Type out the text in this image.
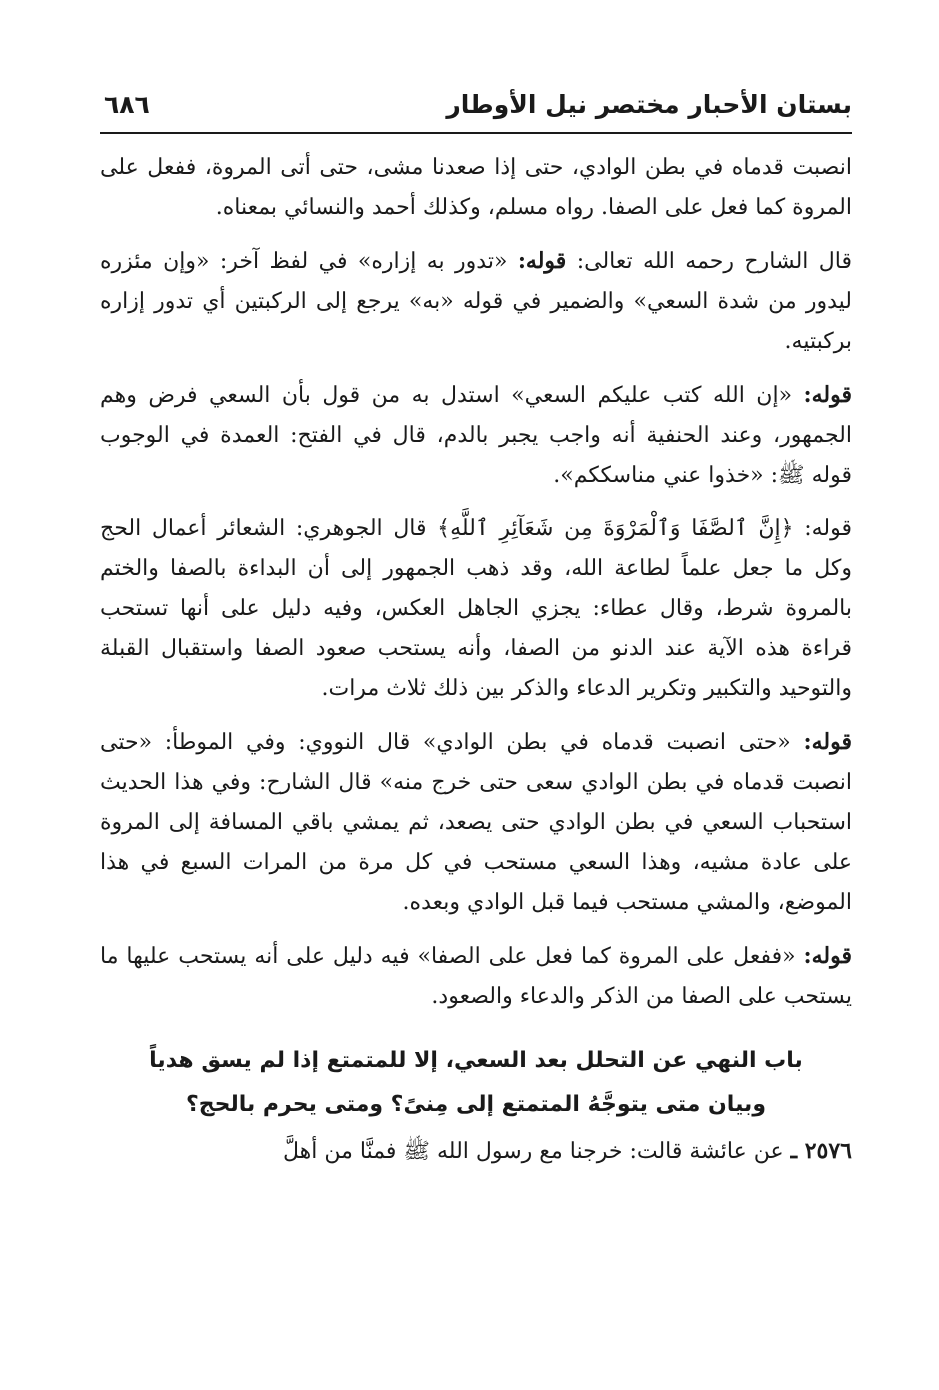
بستان الأحبار مختصر نيل الأوطار
٦٨٦

انصبت قدماه في بطن الوادي، حتى إذا صعدنا مشى، حتى أتى المروة، ففعل على المروة كما فعل على الصفا. رواه مسلم، وكذلك أحمد والنسائي بمعناه.

قال الشارح رحمه الله تعالى: قوله: «تدور به إزاره» في لفظ آخر: «وإن مئزره ليدور من شدة السعي» والضمير في قوله «به» يرجع إلى الركبتين أي تدور إزاره بركبتيه.

قوله: «إن الله كتب عليكم السعي» استدل به من قول بأن السعي فرض وهم الجمهور، وعند الحنفية أنه واجب يجبر بالدم، قال في الفتح: العمدة في الوجوب قوله ﷺ: «خذوا عني مناسككم».

قوله: ﴿إِنَّ ٱلصَّفَا وَٱلْمَرْوَةَ مِن شَعَآئِرِ ٱللَّهِ﴾ قال الجوهري: الشعائر أعمال الحج وكل ما جعل علماً لطاعة الله، وقد ذهب الجمهور إلى أن البداءة بالصفا والختم بالمروة شرط، وقال عطاء: يجزي الجاهل العكس، وفيه دليل على أنها تستحب قراءة هذه الآية عند الدنو من الصفا، وأنه يستحب صعود الصفا واستقبال القبلة والتوحيد والتكبير وتكرير الدعاء والذكر بين ذلك ثلاث مرات.

قوله: «حتى انصبت قدماه في بطن الوادي» قال النووي: وفي الموطأ: «حتى انصبت قدماه في بطن الوادي سعى حتى خرج منه» قال الشارح: وفي هذا الحديث استحباب السعي في بطن الوادي حتى يصعد، ثم يمشي باقي المسافة إلى المروة على عادة مشيه، وهذا السعي مستحب في كل مرة من المرات السبع في هذا الموضع، والمشي مستحب فيما قبل الوادي وبعده.

قوله: «ففعل على المروة كما فعل على الصفا» فيه دليل على أنه يستحب عليها ما يستحب على الصفا من الذكر والدعاء والصعود.

باب النهي عن التحلل بعد السعي، إلا للمتمتع إذا لم يسق هدياً
وبيان متى يتوجَّهُ المتمتع إلى مِنىً؟ ومتى يحرم بالحج؟
٢٥٧٦ ـ عن عائشة قالت: خرجنا مع رسول الله ﷺ فمنَّا من أهلَّ
